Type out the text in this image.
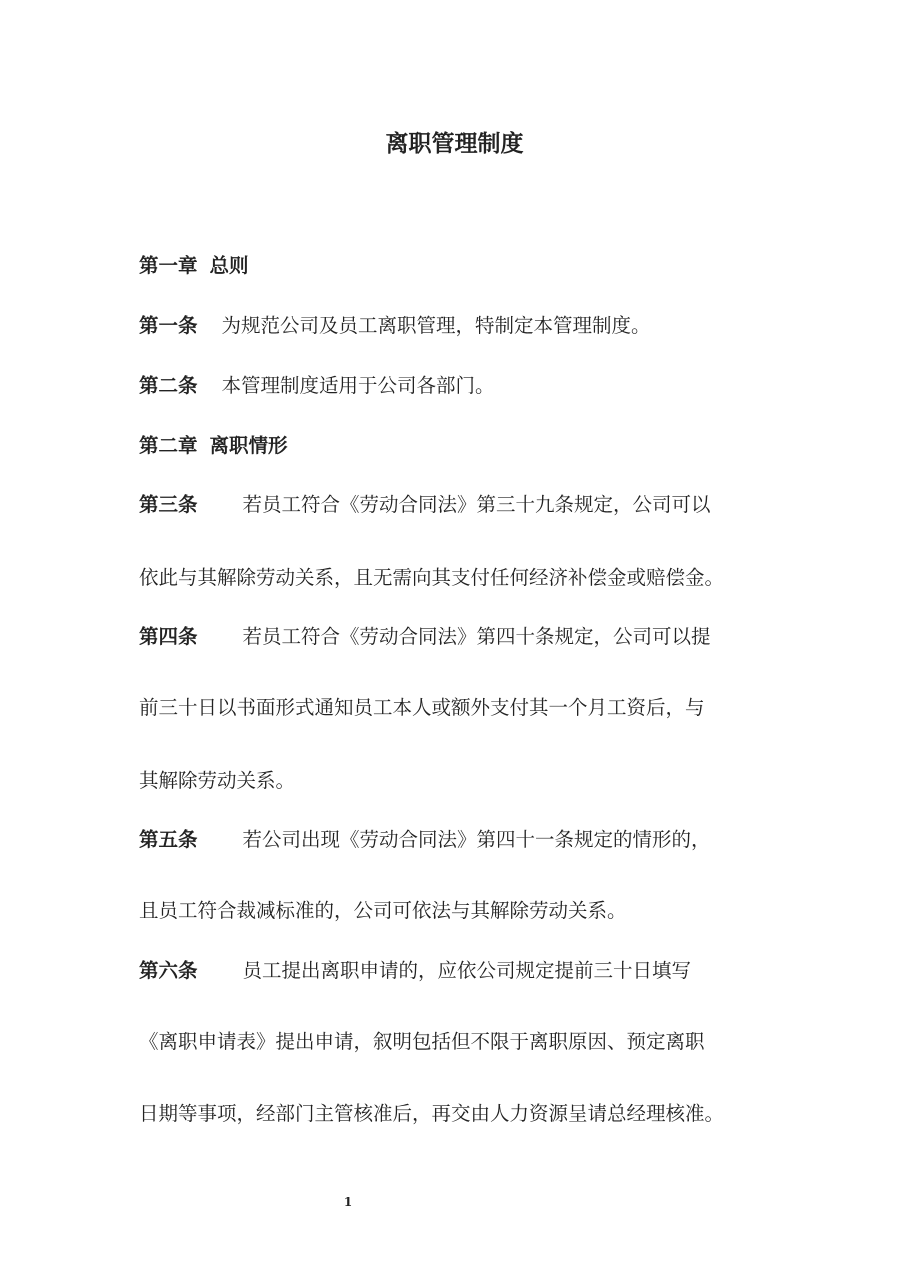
离职管理制度

第一章 总则

第一条 为规范公司及员工离职管理，特制定本管理制度。

第二条 本管理制度适用于公司各部门。

第二章 离职情形

第三条 若员工符合《劳动合同法》第三十九条规定，公司可以

依此与其解除劳动关系，且无需向其支付任何经济补偿金或赔偿金。

第四条 若员工符合《劳动合同法》第四十条规定，公司可以提

前三十日以书面形式通知员工本人或额外支付其一个月工资后，与

其解除劳动关系。

第五条 若公司出现《劳动合同法》第四十一条规定的情形的，

且员工符合裁减标准的，公司可依法与其解除劳动关系。

第六条 员工提出离职申请的，应依公司规定提前三十日填写

《离职申请表》提出申请，叙明包括但不限于离职原因、预定离职

日期等事项，经部门主管核准后，再交由人力资源呈请总经理核准。

1
